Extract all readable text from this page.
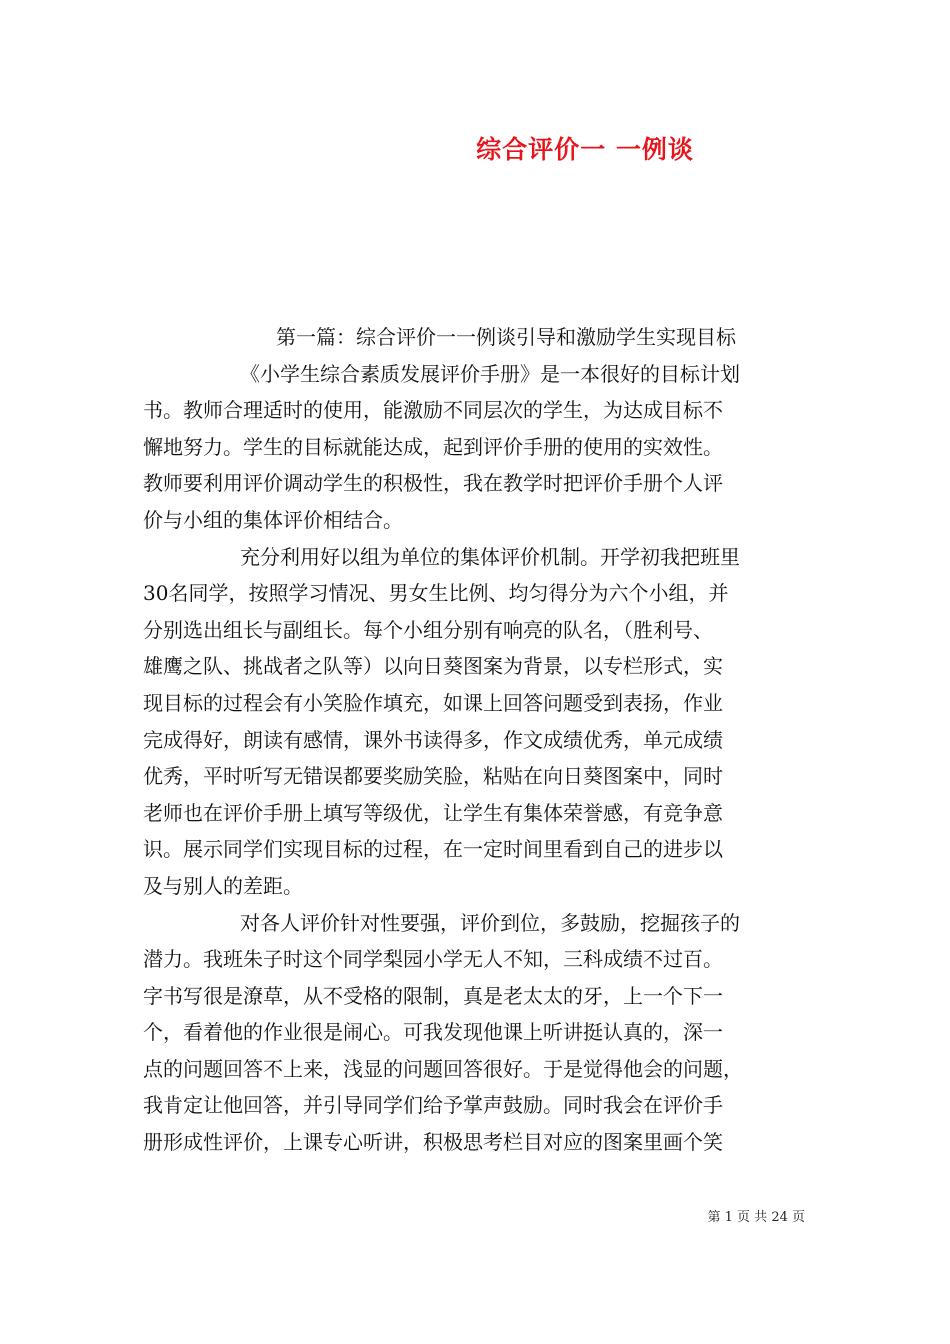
综合评价一 一例谈
第一篇：综合评价一一例谈引导和激励学生实现目标
《小学生综合素质发展评价手册》是一本很好的目标计划
书。教师合理适时的使用，能激励不同层次的学生，为达成目标不
懈地努力。学生的目标就能达成，起到评价手册的使用的实效性。
教师要利用评价调动学生的积极性，我在教学时把评价手册个人评
价与小组的集体评价相结合。
充分利用好以组为单位的集体评价机制。开学初我把班里
30名同学，按照学习情况、男女生比例、均匀得分为六个小组，并
分别选出组长与副组长。每个小组分别有响亮的队名，（胜利号、
雄鹰之队、挑战者之队等）以向日葵图案为背景，以专栏形式，实
现目标的过程会有小笑脸作填充，如课上回答问题受到表扬，作业
完成得好，朗读有感情，课外书读得多，作文成绩优秀，单元成绩
优秀，平时听写无错误都要奖励笑脸，粘贴在向日葵图案中，同时
老师也在评价手册上填写等级优，让学生有集体荣誉感，有竞争意
识。展示同学们实现目标的过程，在一定时间里看到自己的进步以
及与别人的差距。
对各人评价针对性要强，评价到位，多鼓励，挖掘孩子的
潜力。我班朱子时这个同学梨园小学无人不知，三科成绩不过百。
字书写很是潦草，从不受格的限制，真是老太太的牙，上一个下一
个，看着他的作业很是闹心。可我发现他课上听讲挺认真的，深一
点的问题回答不上来，浅显的问题回答很好。于是觉得他会的问题，
我肯定让他回答，并引导同学们给予掌声鼓励。同时我会在评价手
册形成性评价，上课专心听讲，积极思考栏目对应的图案里画个笑
第 1 页 共 24 页
